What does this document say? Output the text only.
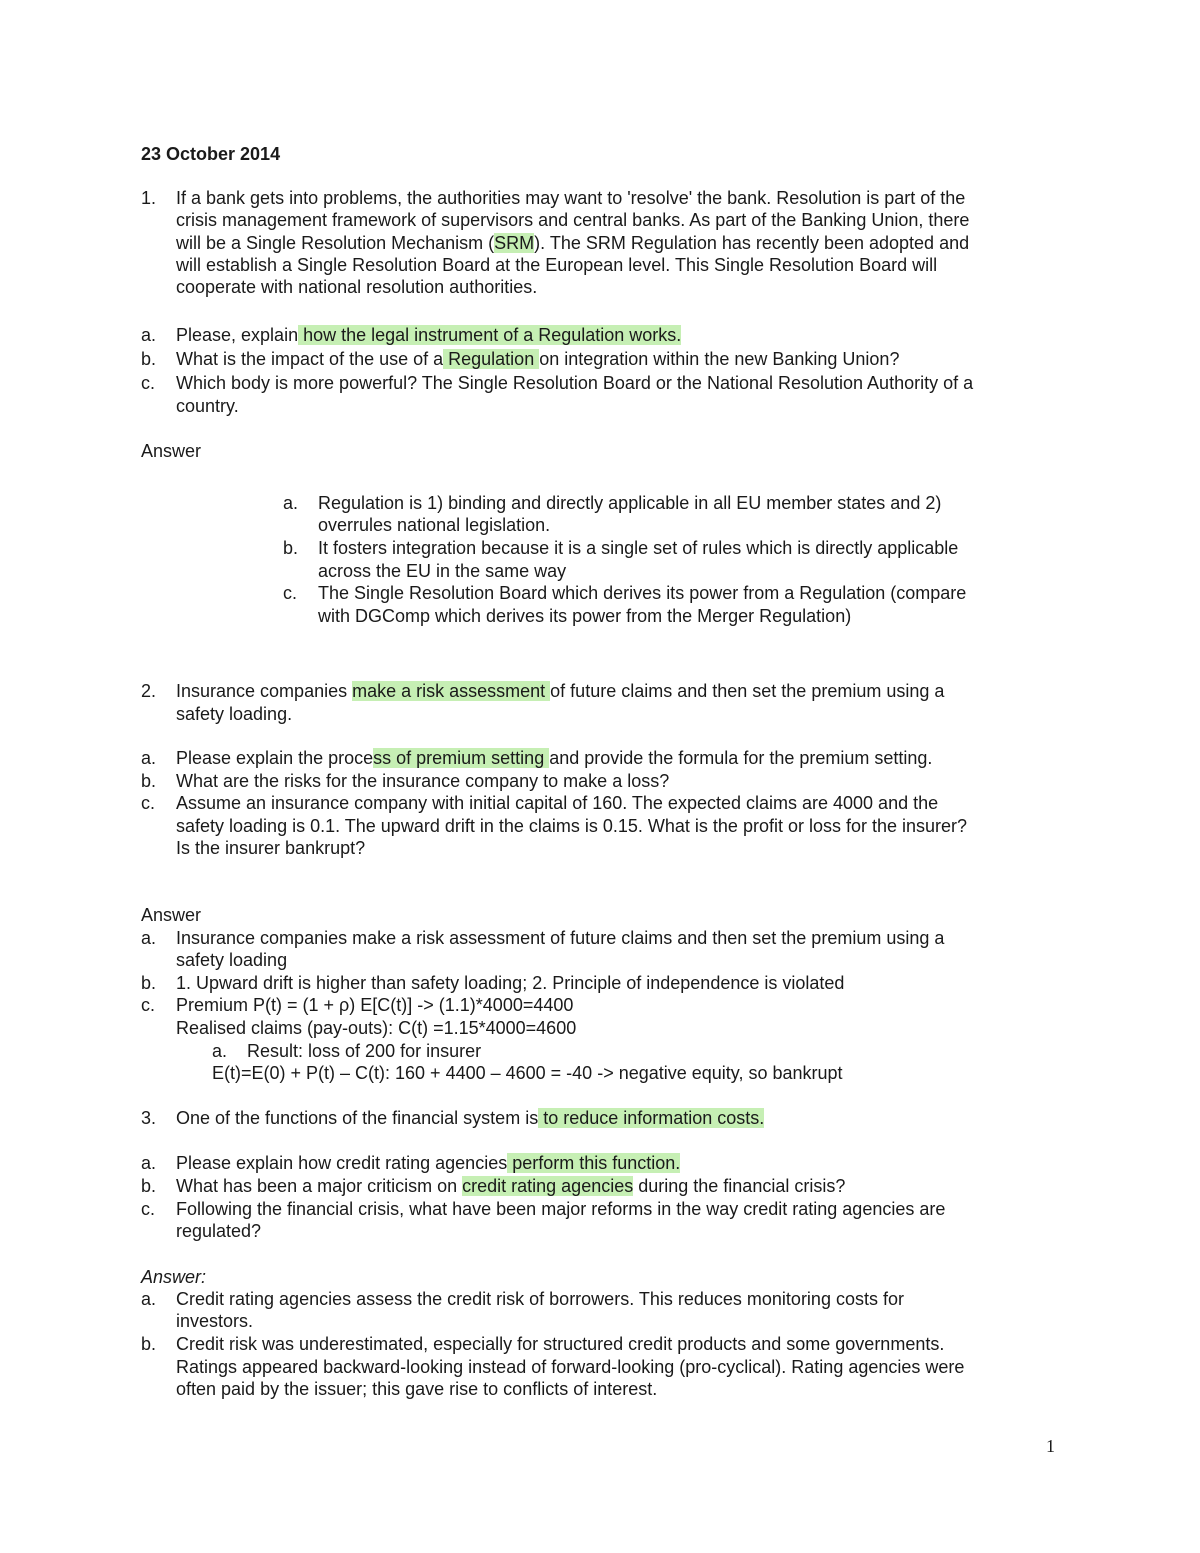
23 October 2014
1. If a bank gets into problems, the authorities may want to 'resolve' the bank. Resolution is part of the
crisis management framework of supervisors and central banks. As part of the Banking Union, there
will be a Single Resolution Mechanism (SRM). The SRM Regulation has recently been adopted and
will establish a Single Resolution Board at the European level. This Single Resolution Board will
cooperate with national resolution authorities.
a. Please, explain how the legal instrument of a Regulation works.
b. What is the impact of the use of a Regulation on integration within the new Banking Union?
c. Which body is more powerful? The Single Resolution Board or the National Resolution Authority of a
country.
Answer
a. Regulation is 1) binding and directly applicable in all EU member states and 2)
overrules national legislation.
b. It fosters integration because it is a single set of rules which is directly applicable
across the EU in the same way
c. The Single Resolution Board which derives its power from a Regulation (compare
with DGComp which derives its power from the Merger Regulation)
2. Insurance companies make a risk assessment of future claims and then set the premium using a
safety loading.
a. Please explain the process of premium setting and provide the formula for the premium setting.
b. What are the risks for the insurance company to make a loss?
c. Assume an insurance company with initial capital of 160. The expected claims are 4000 and the
safety loading is 0.1. The upward drift in the claims is 0.15. What is the profit or loss for the insurer?
Is the insurer bankrupt?
Answer
a. Insurance companies make a risk assessment of future claims and then set the premium using a
safety loading
b. 1. Upward drift is higher than safety loading; 2. Principle of independence is violated
c. Premium P(t) = (1 + ρ) E[C(t)] -> (1.1)*4000=4400
Realised claims (pay-outs): C(t) =1.15*4000=4600
a. Result: loss of 200 for insurer
E(t)=E(0) + P(t) – C(t): 160 + 4400 – 4600 = -40 -> negative equity, so bankrupt
3. One of the functions of the financial system is to reduce information costs.
a. Please explain how credit rating agencies perform this function.
b. What has been a major criticism on credit rating agencies during the financial crisis?
c. Following the financial crisis, what have been major reforms in the way credit rating agencies are
regulated?
Answer:
a. Credit rating agencies assess the credit risk of borrowers. This reduces monitoring costs for
investors.
b. Credit risk was underestimated, especially for structured credit products and some governments.
Ratings appeared backward-looking instead of forward-looking (pro-cyclical). Rating agencies were
often paid by the issuer; this gave rise to conflicts of interest.
1
